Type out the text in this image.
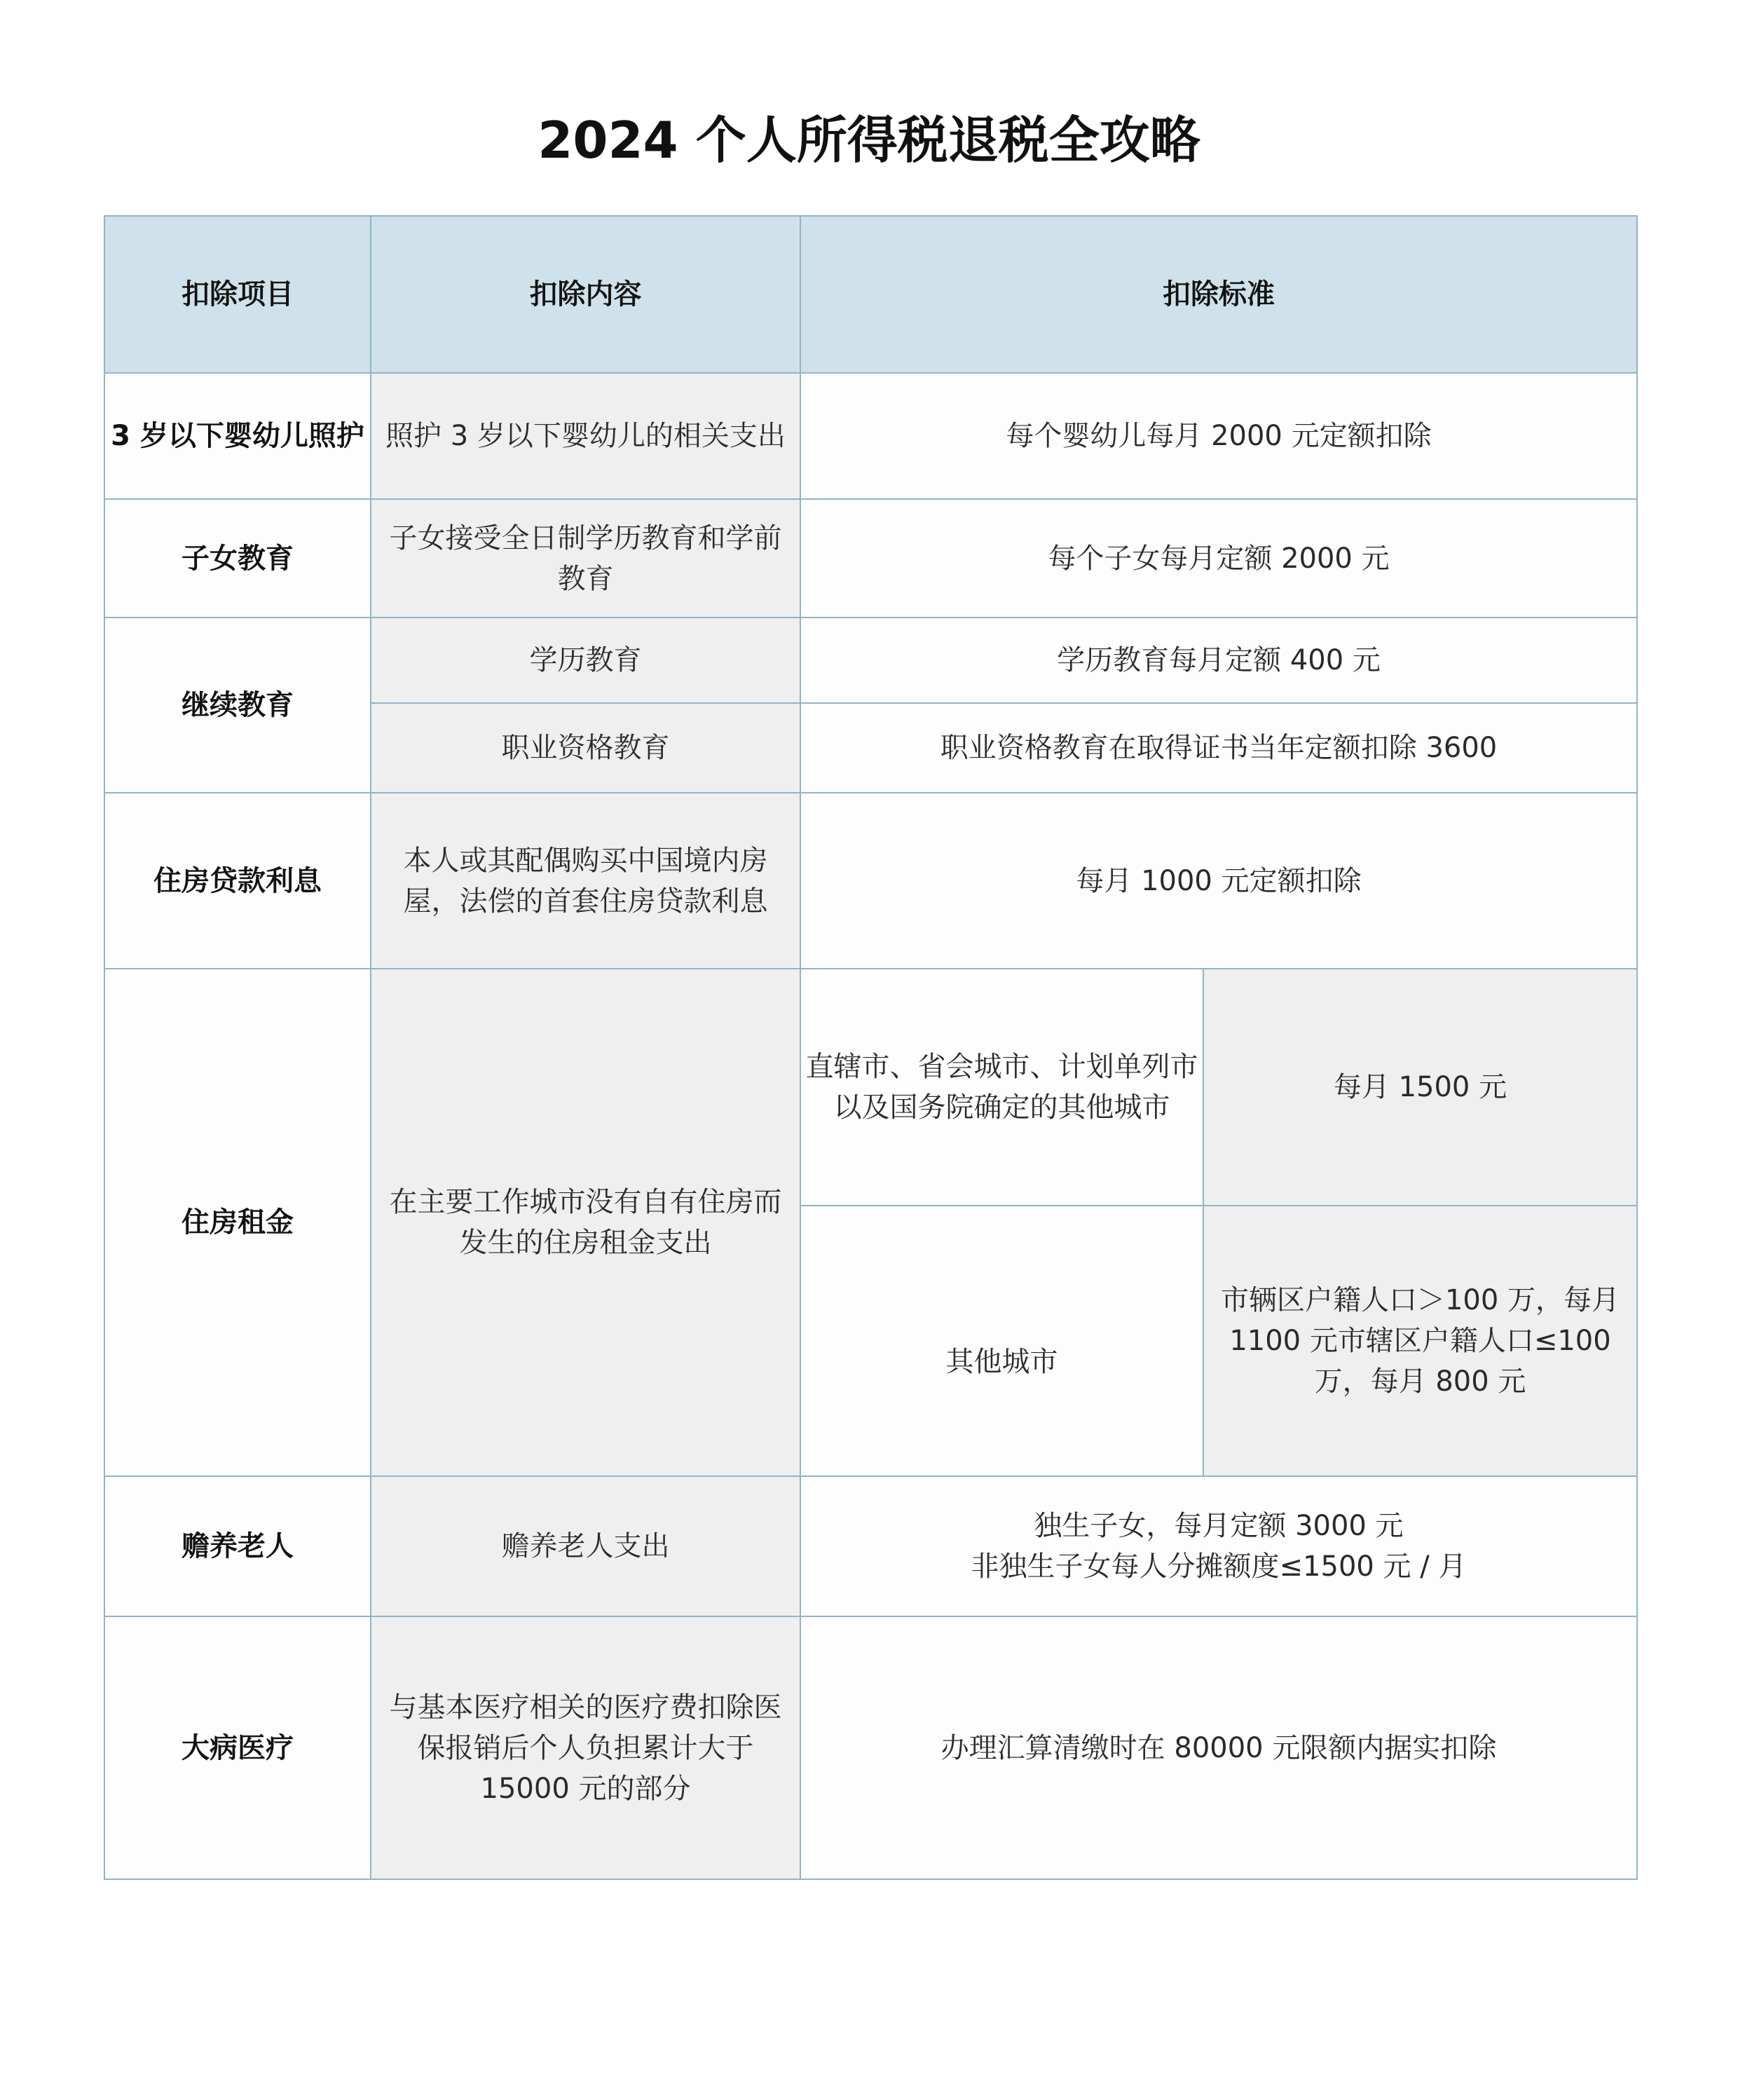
2024 个人所得税退税全攻略
扣除项目	扣除内容	扣除标准	
3 岁以下婴幼儿照护	照护 3 岁以下婴幼儿的相关支出	每个婴幼儿每月 2000 元定额扣除	
子女教育	子女接受全日制学历教育和学前教育	每个子女每月定额 2000 元	
继续教育	学历教育	学历教育每月定额 400 元	
	职业资格教育	职业资格教育在取得证书当年定额扣除 3600	
住房贷款利息	本人或其配偶购买中国境内房屋，法偿的首套住房贷款利息	每月 1000 元定额扣除	
住房租金	在主要工作城市没有自有住房而发生的住房租金支出	直辖市、省会城市、计划单列市以及国务院确定的其他城市	每月 1500 元
		其他城市	市辆区户籍人口＞100 万，每月 1100 元市辖区户籍人口≤100 万，每月 800 元
赡养老人	赡养老人支出	独生子女，每月定额 3000 元
非独生子女每人分摊额度≤1500 元 / 月	

大病医疗	与基本医疗相关的医疗费扣除医保报销后个人负担累计大于 15000 元的部分	办理汇算清缴时在 80000 元限额内据实扣除	
